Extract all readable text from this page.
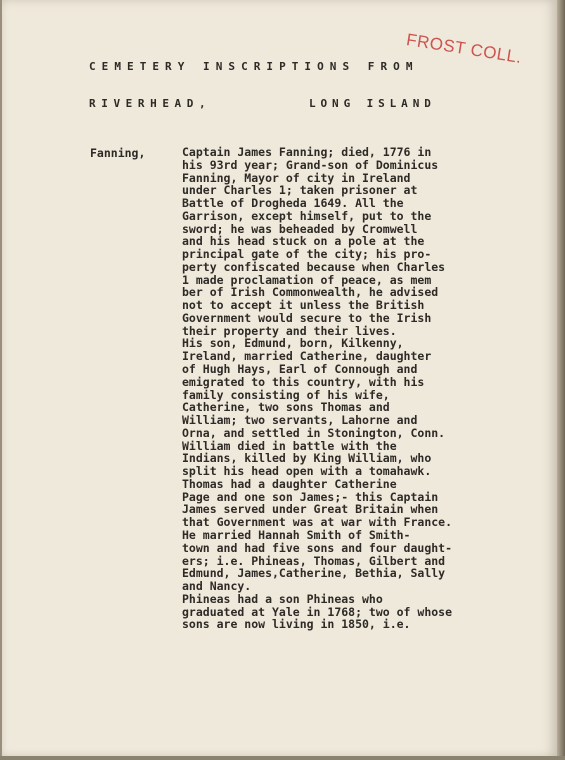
FROST COLL.
CEMETERY INSCRIPTIONS FROM
RIVERHEAD,	LONG ISLAND
Fanning,	Captain James Fanning; died, 1776 in
his 93rd year; Grand-son of Dominicus
Fanning, Mayor of city in Ireland
under Charles 1; taken prisoner at
Battle of Drogheda 1649. All the
Garrison, except himself, put to the
sword; he was beheaded by Cromwell
and his head stuck on a pole at the
principal gate of the city; his pro-
perty confiscated because when Charles
1 made proclamation of peace, as mem
ber of Irish Commonwealth, he advised
not to accept it unless the British
Government would secure to the Irish
their property and their lives.
His son, Edmund, born, Kilkenny,
Ireland, married Catherine, daughter
of Hugh Hays, Earl of Connough and
emigrated to this country, with his
family consisting of his wife,
Catherine, two sons Thomas and
William; two servants, Lahorne and
Orna, and settled in Stonington, Conn.
William died in battle with the
Indians, killed by King William, who
split his head open with a tomahawk.
Thomas had a daughter Catherine
Page and one son James;- this Captain
James served under Great Britain when
that Government was at war with France.
He married Hannah Smith of Smith-
town and had five sons and four daught-
ers; i.e. Phineas, Thomas, Gilbert and
Edmund, James,Catherine, Bethia, Sally
and Nancy.
Phineas had a son Phineas who
graduated at Yale in 1768; two of whose
sons are now living in 1850, i.e.
